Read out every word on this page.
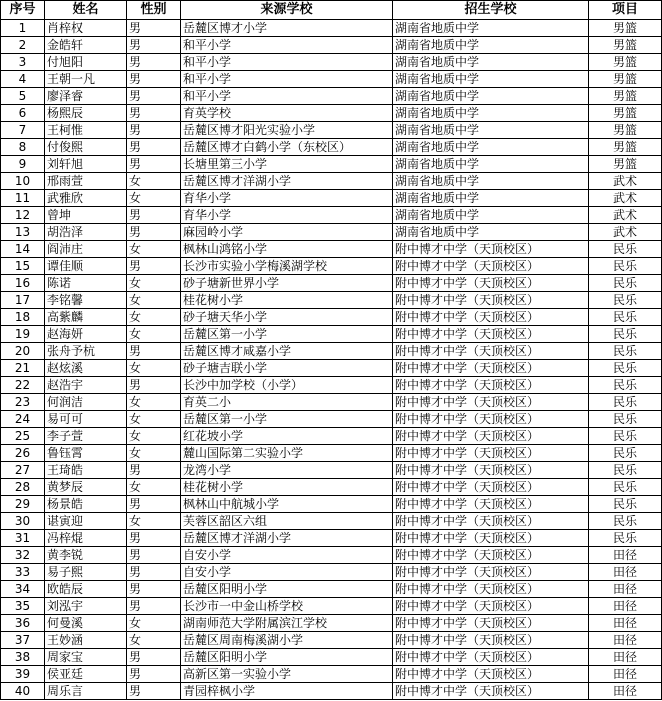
序号	姓名	性别	来源学校	招生学校	项目
1	肖梓权	男	岳麓区博才小学	湖南省地质中学	男篮
2	金皓轩	男	和平小学	湖南省地质中学	男篮
3	付旭阳	男	和平小学	湖南省地质中学	男篮
4	王朝一凡	男	和平小学	湖南省地质中学	男篮
5	廖泽睿	男	和平小学	湖南省地质中学	男篮
6	杨熙辰	男	育英学校	湖南省地质中学	男篮
7	王柯惟	男	岳麓区博才阳光实验小学	湖南省地质中学	男篮
8	付俊熙	男	岳麓区博才白鹤小学（东校区）	湖南省地质中学	男篮
9	刘轩旭	男	长塘里第三小学	湖南省地质中学	男篮
10	邢雨萱	女	岳麓区博才洋湖小学	湖南省地质中学	武术
11	武雅欣	女	育华小学	湖南省地质中学	武术
12	曾坤	男	育华小学	湖南省地质中学	武术
13	胡浩泽	男	麻园岭小学	湖南省地质中学	武术
14	阎沛庄	女	枫林山鸿铭小学	附中博才中学（天顶校区）	民乐
15	谭佳顺	男	长沙市实验小学梅溪湖学校	附中博才中学（天顶校区）	民乐
16	陈诺	女	砂子塘新世界小学	附中博才中学（天顶校区）	民乐
17	李铭馨	女	桂花树小学	附中博才中学（天顶校区）	民乐
18	高紫麟	女	砂子塘天华小学	附中博才中学（天顶校区）	民乐
19	赵海妍	女	岳麓区第一小学	附中博才中学（天顶校区）	民乐
20	张舟予杭	男	岳麓区博才咸嘉小学	附中博才中学（天顶校区）	民乐
21	赵炫溪	女	砂子塘吉联小学	附中博才中学（天顶校区）	民乐
22	赵浩宇	男	长沙中加学校（小学）	附中博才中学（天顶校区）	民乐
23	何润洁	女	育英二小	附中博才中学（天顶校区）	民乐
24	易可可	女	岳麓区第一小学	附中博才中学（天顶校区）	民乐
25	李子萱	女	红花坡小学	附中博才中学（天顶校区）	民乐
26	鲁钰霄	女	麓山国际第二实验小学	附中博才中学（天顶校区）	民乐
27	王琦皓	男	龙湾小学	附中博才中学（天顶校区）	民乐
28	黄梦辰	女	桂花树小学	附中博才中学（天顶校区）	民乐
29	杨景皓	男	枫林山中航城小学	附中博才中学（天顶校区）	民乐
30	谌寅迎	女	芙蓉区韶区六组	附中博才中学（天顶校区）	民乐
31	冯梓焜	男	岳麓区博才洋湖小学	附中博才中学（天顶校区）	民乐
32	黄李锐	男	自安小学	附中博才中学（天顶校区）	田径
33	易子熙	男	自安小学	附中博才中学（天顶校区）	田径
34	欧皓辰	男	岳麓区阳明小学	附中博才中学（天顶校区）	田径
35	刘泓宇	男	长沙市一中金山桥学校	附中博才中学（天顶校区）	田径
36	何曼溪	女	湖南师范大学附属滨江学校	附中博才中学（天顶校区）	田径
37	王妙涵	女	岳麓区周南梅溪湖小学	附中博才中学（天顶校区）	田径
38	周家宝	男	岳麓区阳明小学	附中博才中学（天顶校区）	田径
39	侯亚廷	男	高新区第一实验小学	附中博才中学（天顶校区）	田径
40	周乐言	男	青园梓枫小学	附中博才中学（天顶校区）	田径
